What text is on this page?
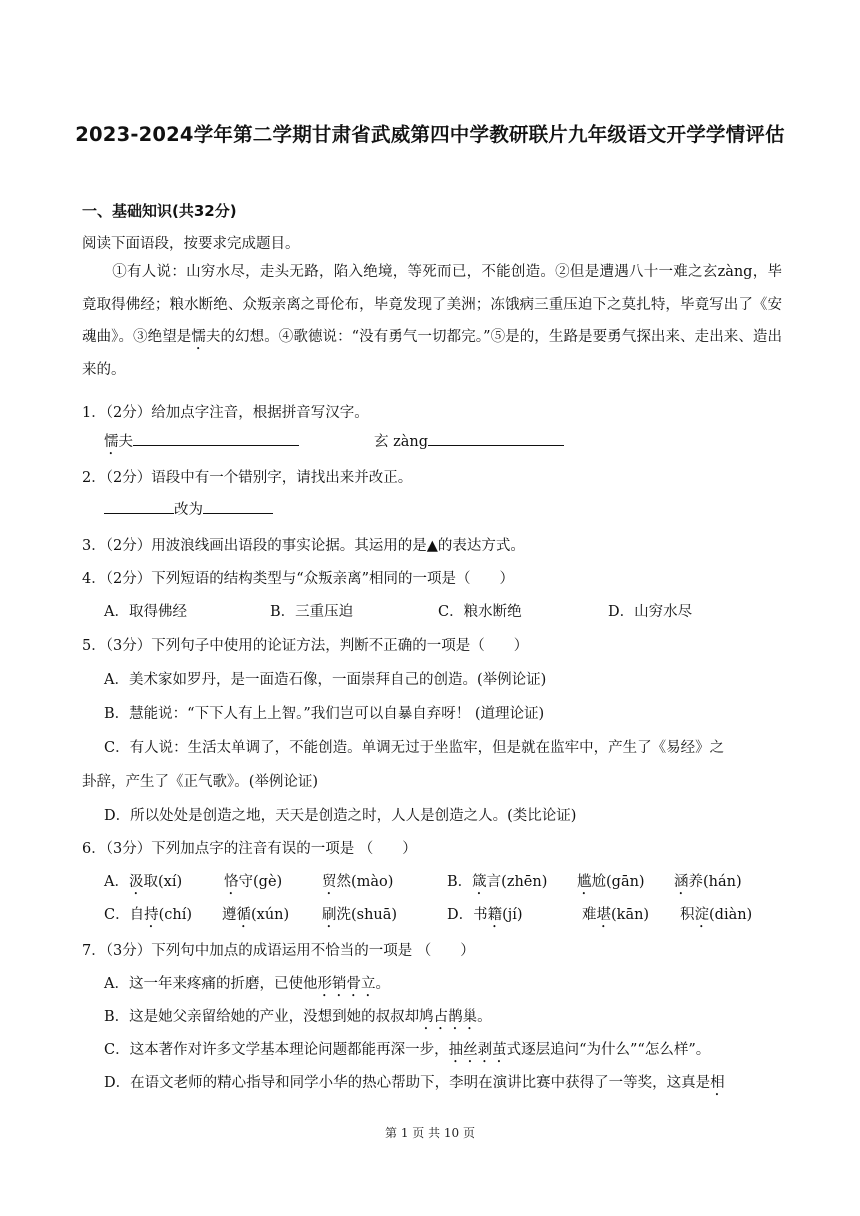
2023-2024学年第二学期甘肃省武威第四中学教研联片九年级语文开学学情评估
一、基础知识(共32分)
阅读下面语段，按要求完成题目。
①有人说：山穷水尽，走头无路，陷入绝境，等死而已，不能创造。②但是遭遇八十一难之玄zàng，毕竟取得佛经；粮水断绝、众叛亲离之哥伦布，毕竟发现了美洲；冻饿病三重压迫下之莫扎特，毕竟写出了《安魂曲》。③绝望是懦夫的幻想。④歌德说：“没有勇气一切都完。”⑤是的，生路是要勇气探出来、走出来、造出来的。
1．（2分）给加点字注音，根据拼音写汉字。
懦夫	玄 zàng
2．（2分）语段中有一个错别字，请找出来并改正。
改为
3．（2分）用波浪线画出语段的事实论据。其运用的是▲的表达方式。
4．（2分）下列短语的结构类型与“众叛亲离”相同的一项是（　　）
A．取得佛经	B．三重压迫	C．粮水断绝	D．山穷水尽
5．（3分）下列句子中使用的论证方法，判断不正确的一项是（　　）
A．美术家如罗丹，是一面造石像，一面崇拜自己的创造。(举例论证)
B．慧能说：“下下人有上上智。”我们岂可以自暴自弃呀！ (道理论证)
C．有人说：生活太单调了，不能创造。单调无过于坐监牢，但是就在监牢中，产生了《易经》之
卦辞，产生了《正气歌》。(举例论证)
D．所以处处是创造之地，天天是创造之时，人人是创造之人。(类比论证)
6．（3分）下列加点字的注音有误的一项是 （　　）
A．汲取(xí)	恪守(gè)	贸然(mào)	B．箴言(zhēn) 尴尬(gān) 涵养(hán)
C．自持(chí) 遵循(xún) 刷洗(shuā)	D．书籍(jí)	难堪(kān) 积淀(diàn)
7．（3分）下列句中加点的成语运用不恰当的一项是 （　　）
A．这一年来疼痛的折磨，已使他形销骨立。
B．这是她父亲留给她的产业，没想到她的叔叔却鸠占鹊巢。
C．这本著作对许多文学基本理论问题都能再深一步，抽丝剥茧式逐层追问“为什么”“怎么样”。
D．在语文老师的精心指导和同学小华的热心帮助下，李明在演讲比赛中获得了一等奖，这真是相
第 1 页 共 10 页
